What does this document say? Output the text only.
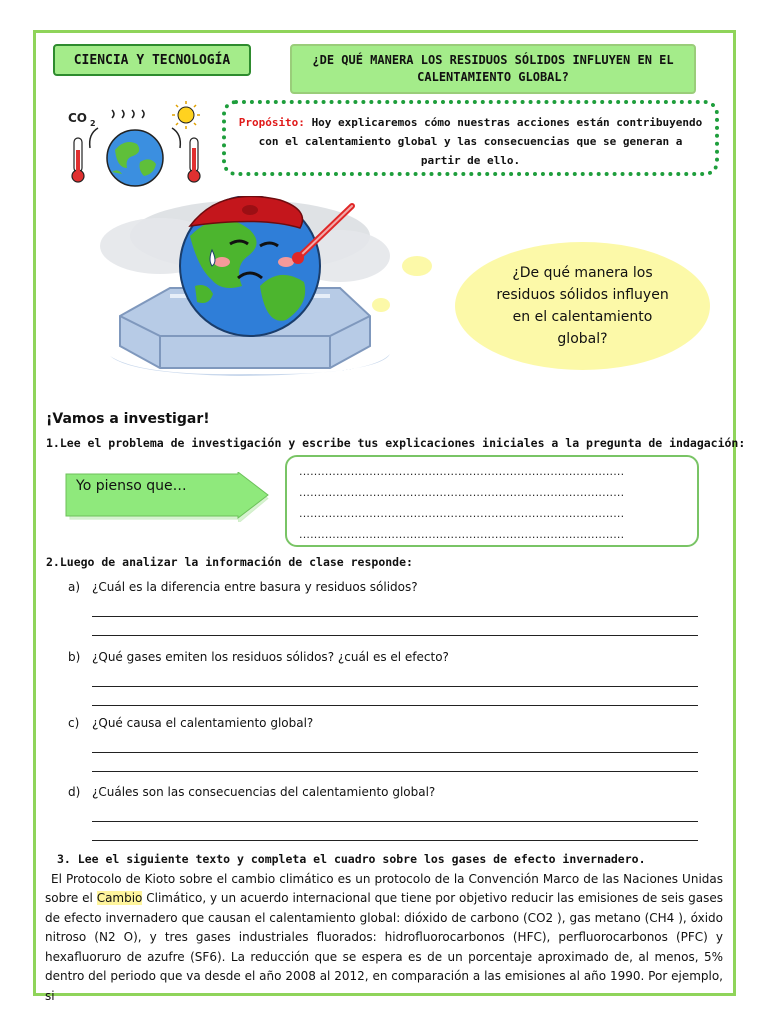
CIENCIA Y TECNOLOGÍA	¿DE QUÉ MANERA LOS RESIDUOS SÓLIDOS INFLUYEN EN EL CALENTAMIENTO GLOBAL?
CO 2	Propósito: Hoy explicaremos cómo nuestras acciones están contribuyendo con el calentamiento global y las consecuencias que se generan a partir de ello.
¿De qué manera los residuos sólidos influyen en el calentamiento global?
¡Vamos a investigar!
1.Lee el problema de investigación y escribe tus explicaciones iniciales a la pregunta de indagación:
Yo pienso que…
........................................................................................
........................................................................................
........................................................................................
........................................................................................
2.Luego de analizar la información de clase responde:
a) ¿Cuál es la diferencia entre basura y residuos sólidos?
b) ¿Qué gases emiten los residuos sólidos? ¿cuál es el efecto?
c)	¿Qué causa el calentamiento global?
d) ¿Cuáles son las consecuencias del calentamiento global?
3. Lee el siguiente texto y completa el cuadro sobre los gases de efecto invernadero.
El Protocolo de Kioto sobre el cambio climático es un protocolo de la Convención Marco de las Naciones Unidas sobre el Cambio Climático, y un acuerdo internacional que tiene por objetivo reducir las emisiones de seis gases de efecto invernadero que causan el calentamiento global: dióxido de carbono (CO2 ), gas metano (CH4 ), óxido nitroso (N2 O), y tres gases industriales fluorados: hidrofluorocarbonos (HFC), perfluorocarbonos (PFC) y hexafluoruro de azufre (SF6). La reducción que se espera es de un porcentaje aproximado de, al menos, 5% dentro del periodo que va desde el año 2008 al 2012, en comparación a las emisiones al año 1990. Por ejemplo, si
